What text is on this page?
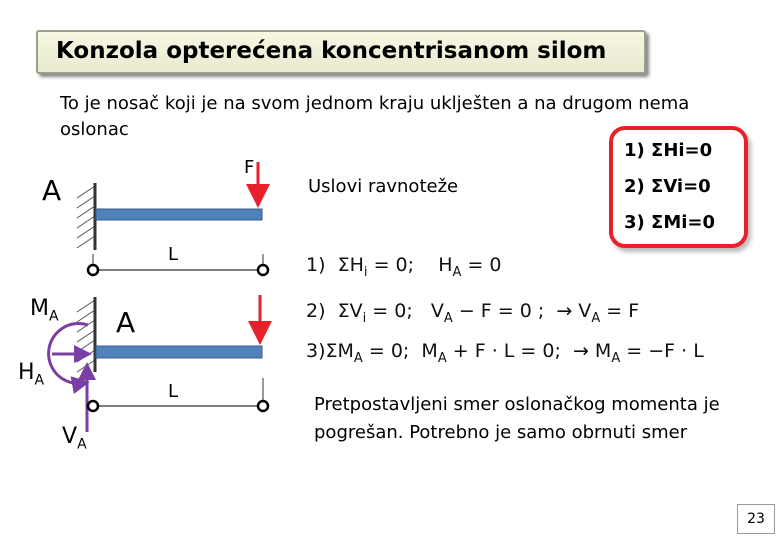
Konzola opterećena koncentrisanom silom
To je nosač koji je na svom jednom kraju uklješten a na drugom nema oslonac
1) ΣHi=0
2) ΣVi=0
3) ΣMi=0
Uslovi ravnoteže
A
F
L
A
$M_A$
$H_A$
$V_A$
L
1) $\Sigma H_i = 0$; $H_A = 0$
2) $\Sigma V_i = 0$; $V_A - F = 0$ ; → $V_A = F$
$3)\Sigma M_A = 0$; $M_A + F \cdot L = 0$; → $M_A = -F \cdot L$
Pretpostavljeni smer oslonačkog momenta je pogrešan. Potrebno je samo obrnuti smer
23
